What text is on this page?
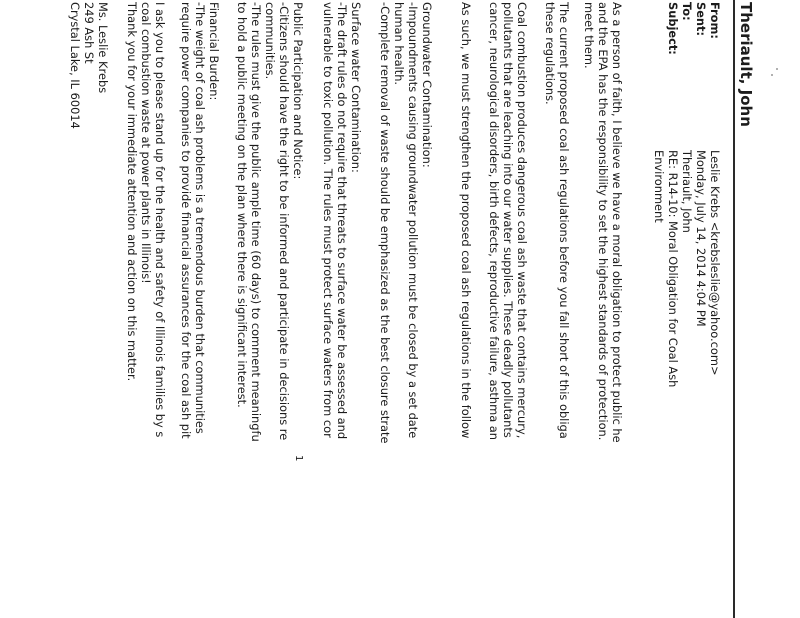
Theriault, John
From:
Leslie Krebs <krebsleslie@yahoo.com>
Sent:
Monday, July 14, 2014 4:04 PM
To:
Theriault, John
Subject:
RE: R14-10: Moral Obligation for Coal Ash
Environment
As a person of faith, I believe we have a moral obligation to protect public he
and the EPA has the responsibility to set the highest standards of protection.
meet them.
The current proposed coal ash regulations before you fall short of this obliga
these regulations.
Coal combustion produces dangerous coal ash waste that contains mercury,
pollutants that are leaching into our water supplies. These deadly pollutants
cancer, neurological disorders, birth defects, reproductive failure, asthma an
As such, we must strengthen the proposed coal ash regulations in the follow
Groundwater Contamination:
-Impoundments causing groundwater pollution must be closed by a set date
human health.
-Complete removal of waste should be emphasized as the best closure strate
Surface water Contamination:
-The draft rules do not require that threats to surface water be assessed and
vulnerable to toxic pollution. The rules must protect surface waters from cor
Public Participation and Notice:
-Citizens should have the right to be informed and participate in decisions re
communities.
-The rules must give the public ample time (60 days) to comment meaningfu
to hold a public meeting on the plan where there is significant interest.
Financial Burden:
-The weight of coal ash problems is a tremendous burden that communities
require power companies to provide financial assurances for the coal ash pit
I ask you to please stand up for the health and safety of Illinois families by s
coal combustion waste at power plants in Illinois!
Thank you for your immediate attention and action on this matter.
Ms. Leslie Krebs
249 Ash St
Crystal Lake, IL 60014
1
